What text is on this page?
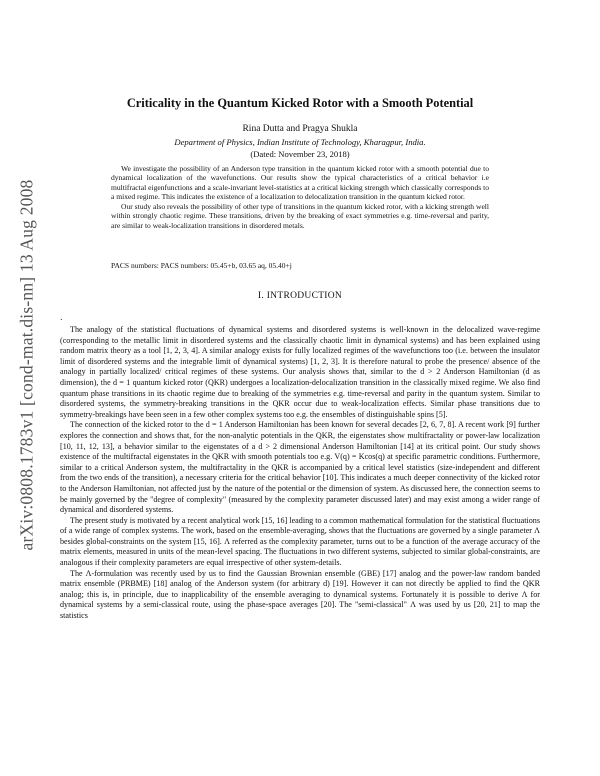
arXiv:0808.1783v1 [cond-mat.dis-nn] 13 Aug 2008
Criticality in the Quantum Kicked Rotor with a Smooth Potential
Rina Dutta and Pragya Shukla
Department of Physics, Indian Institute of Technology, Kharagpur, India.
(Dated: November 23, 2018)

We investigate the possibility of an Anderson type transition in the quantum kicked rotor with a smooth potential due to dynamical localization of the wavefunctions. Our results show the typical characteristics of a critical behavior i.e multifractal eigenfunctions and a scale-invariant level-statistics at a critical kicking strength which classically corresponds to a mixed regime. This indicates the existence of a localization to delocalization transition in the quantum kicked rotor.

Our study also reveals the possibility of other type of transitions in the quantum kicked rotor, with a kicking strength well within strongly chaotic regime. These transitions, driven by the breaking of exact symmetries e.g. time-reversal and parity, are similar to weak-localization transitions in disordered metals.

PACS numbers: PACS numbers: 05.45+b, 03.65 aq, 05.40+j
I. INTRODUCTION
.

The analogy of the statistical fluctuations of dynamical systems and disordered systems is well-known in the delocalized wave-regime (corresponding to the metallic limit in disordered systems and the classically chaotic limit in dynamical systems) and has been explained using random matrix theory as a tool [1, 2, 3, 4]. A similar analogy exists for fully localized regimes of the wavefunctions too (i.e. between the insulator limit of disordered systems and the integrable limit of dynamical systems) [1, 2, 3]. It is therefore natural to probe the presence/ absence of the analogy in partially localized/ critical regimes of these systems. Our analysis shows that, similar to the d > 2 Anderson Hamiltonian (d as dimension), the d = 1 quantum kicked rotor (QKR) undergoes a localization-delocalization transition in the classically mixed regime. We also find quantum phase transitions in its chaotic regime due to breaking of the symmetries e.g. time-reversal and parity in the quantum system. Similar to disordered systems, the symmetry-breaking transitions in the QKR occur due to weak-localization effects. Similar phase transitions due to symmetry-breakings have been seen in a few other complex systems too e.g. the ensembles of distinguishable spins [5].

The connection of the kicked rotor to the d = 1 Anderson Hamiltonian has been known for several decades [2, 6, 7, 8]. A recent work [9] further explores the connection and shows that, for the non-analytic potentials in the QKR, the eigenstates show multifractality or power-law localization [10, 11, 12, 13], a behavior similar to the eigenstates of a d > 2 dimensional Anderson Hamiltonian [14] at its critical point. Our study shows existence of the multifractal eigenstates in the QKR with smooth potentials too e.g. V(q) = Kcos(q) at specific parametric conditions. Furthermore, similar to a critical Anderson system, the multifractality in the QKR is accompanied by a critical level statistics (size-independent and different from the two ends of the transition), a necessary criteria for the critical behavior [10]. This indicates a much deeper connectivity of the kicked rotor to the Anderson Hamiltonian, not affected just by the nature of the potential or the dimension of system. As discussed here, the connection seems to be mainly governed by the "degree of complexity" (measured by the complexity parameter discussed later) and may exist among a wider range of dynamical and disordered systems.

The present study is motivated by a recent analytical work [15, 16] leading to a common mathematical formulation for the statistical fluctuations of a wide range of complex systems. The work, based on the ensemble-averaging, shows that the fluctuations are governed by a single parameter Λ besides global-constraints on the system [15, 16]. Λ referred as the complexity parameter, turns out to be a function of the average accuracy of the matrix elements, measured in units of the mean-level spacing. The fluctuations in two different systems, subjected to similar global-constraints, are analogous if their complexity parameters are equal irrespective of other system-details.

The Λ-formulation was recently used by us to find the Gaussian Brownian ensemble (GBE) [17] analog and the power-law random banded matrix ensemble (PRBME) [18] analog of the Anderson system (for arbitrary d) [19]. However it can not directly be applied to find the QKR analog; this is, in principle, due to inapplicability of the ensemble averaging to dynamical systems. Fortunately it is possible to derive Λ for dynamical systems by a semi-classical route, using the phase-space averages [20]. The "semi-classical" Λ was used by us [20, 21] to map the statistics
